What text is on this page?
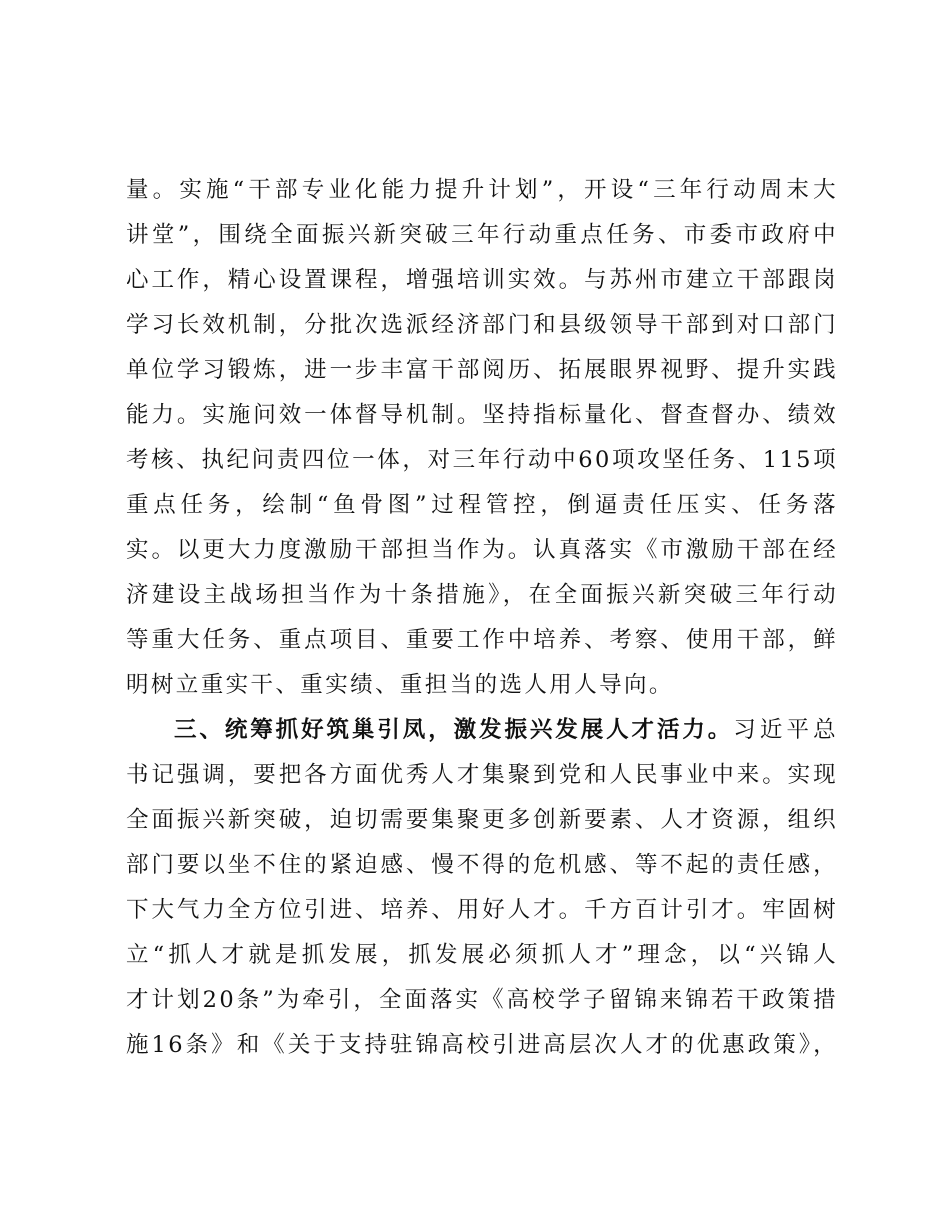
量。实施“干部专业化能力提升计划”，开设“三年行动周末大
讲堂”，围绕全面振兴新突破三年行动重点任务、市委市政府中
心工作，精心设置课程，增强培训实效。与苏州市建立干部跟岗
学习长效机制，分批次选派经济部门和县级领导干部到对口部门
单位学习锻炼，进一步丰富干部阅历、拓展眼界视野、提升实践
能力。实施问效一体督导机制。坚持指标量化、督查督办、绩效
考核、执纪问责四位一体，对三年行动中60项攻坚任务、115项
重点任务，绘制“鱼骨图”过程管控，倒逼责任压实、任务落
实。以更大力度激励干部担当作为。认真落实《市激励干部在经
济建设主战场担当作为十条措施》，在全面振兴新突破三年行动
等重大任务、重点项目、重要工作中培养、考察、使用干部，鲜
明树立重实干、重实绩、重担当的选人用人导向。
三、统筹抓好筑巢引凤，激发振兴发展人才活力。习近平总
书记强调，要把各方面优秀人才集聚到党和人民事业中来。实现
全面振兴新突破，迫切需要集聚更多创新要素、人才资源，组织
部门要以坐不住的紧迫感、慢不得的危机感、等不起的责任感，
下大气力全方位引进、培养、用好人才。千方百计引才。牢固树
立“抓人才就是抓发展，抓发展必须抓人才”理念，以“兴锦人
才计划20条”为牵引，全面落实《高校学子留锦来锦若干政策措
施16条》和《关于支持驻锦高校引进高层次人才的优惠政策》，
